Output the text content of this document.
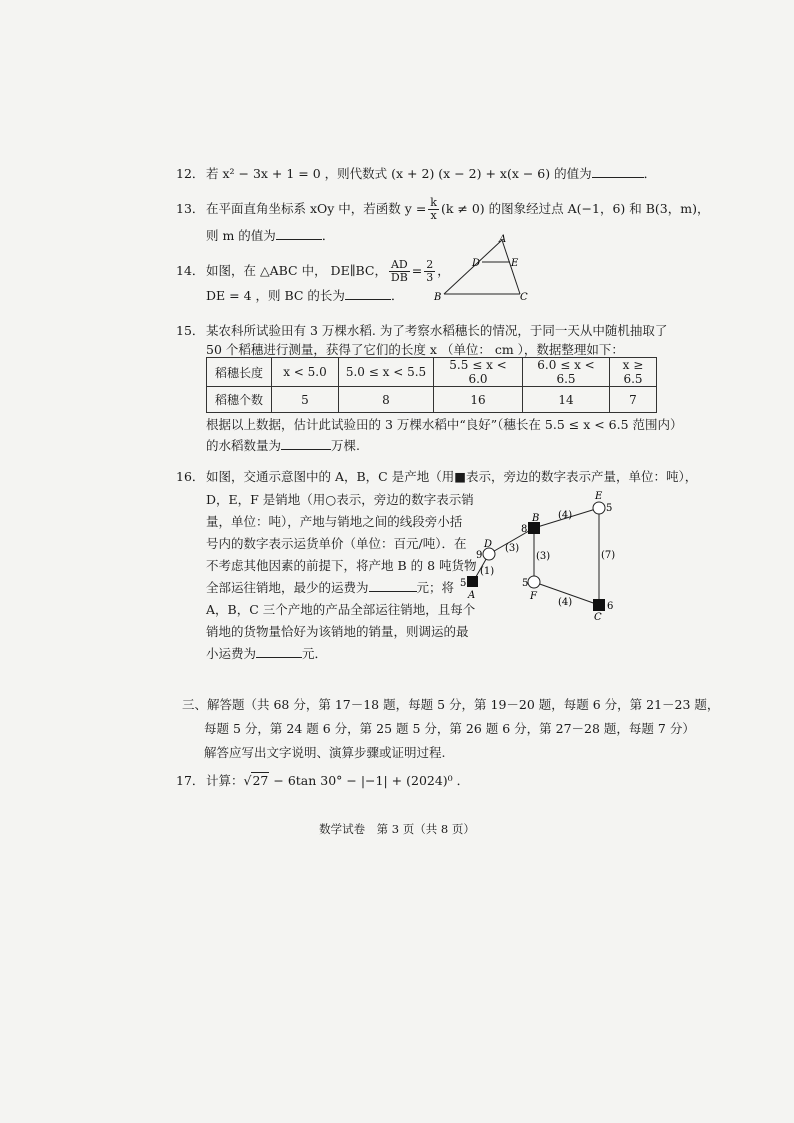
12． 若 x² − 3x + 1 = 0 ，则代数式 (x + 2) (x − 2) + x(x − 6) 的值为	．
13． 在平面直角坐标系 xOy 中，若函数 $y = \frac{k}{x} (k \ne 0)$ 的图象经过点 A(−1，6) 和 B(3，m)，
则 m 的值为	．
14． 如图，在 △ABC 中， DE∥BC， $\frac{AD}{DB} = \frac{2}{3}$ ，
DE = 4 ，则 BC 的长为	．
A
D	E
B	C
15． 某农科所试验田有 3 万棵水稻. 为了考察水稻穗长的情况，于同一天从中随机抽取了
50 个稻穗进行测量，获得了它们的长度 x （单位： cm ），数据整理如下：
稻穗长度	x < 5.0	5.0 ≤ x < 5.5	5.5 ≤ x < 6.0	6.0 ≤ x < 6.5	x ≥ 6.5
稻穗个数	5	8	16	14	7
根据以上数据，估计此试验田的 3 万棵水稻中“良好”（穗长在 5.5 ≤ x < 6.5 范围内）
的水稻数量为	万棵.
16． 如图，交通示意图中的 A，B，C 是产地（用■表示，旁边的数字表示产量，单位：吨），
D，E，F 是销地（用○表示，旁边的数字表示销
量，单位：吨），产地与销地之间的线段旁小括
号内的数字表示运货单价（单位：百元/吨）．在
不考虑其他因素的前提下，将产地 B 的 8 吨货物
全部运往销地，最少的运费为	元；将
A，B，C 三个产地的产品全部运往销地，且每个
销地的货物量恰好为该销地的销量，则调运的最
小运费为	元．
E
B
D
A	F
C
5
8
9
5	5
6
(4)
(3)
(3)	(7)
(1)
(4)
三、解答题（共 68 分，第 17－18 题，每题 5 分，第 19－20 题，每题 6 分，第 21－23 题，
每题 5 分，第 24 题 6 分，第 25 题 5 分，第 26 题 6 分，第 27－28 题，每题 7 分）
解答应写出文字说明、演算步骤或证明过程.
17． 计算：√27 − 6tan 30° − |−1| + (2024)⁰ ．
数学试卷　第 3 页（共 8 页）
